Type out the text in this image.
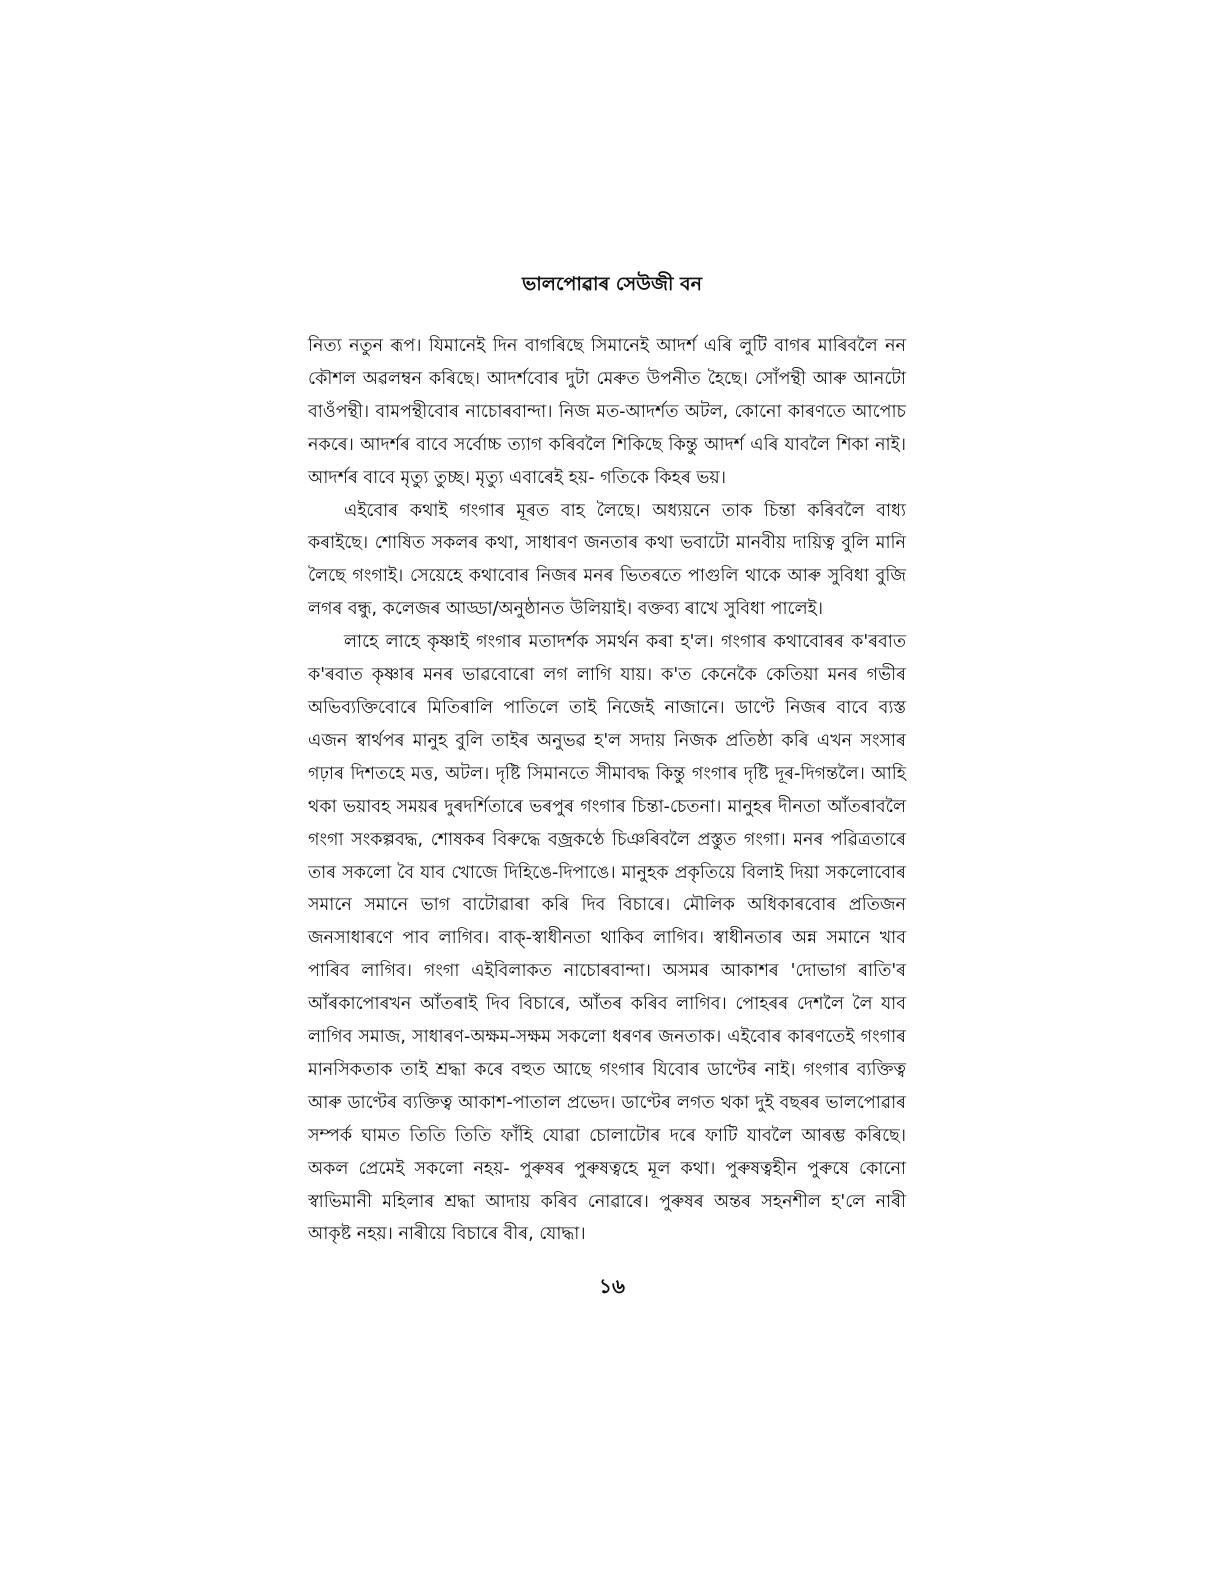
ভালপোৱাৰ সেউজী বন

নিত্য নতুন ৰূপ। যিমানেই দিন বাগৰিছে সিমানেই আদৰ্শ এৰি লুটি বাগৰ মাৰিবলৈ নন কৌশল অৱলম্বন কৰিছে। আদৰ্শবোৰ দুটা মেৰুত উপনীত হৈছে। সোঁপন্থী আৰু আনটো বাওঁপন্থী। বামপন্থীবোৰ নাচোৰবান্দা। নিজ মত-আদৰ্শত অটল, কোনো কাৰণতে আপোচ নকৰে। আদৰ্শৰ বাবে সৰ্বোচ্চ ত্যাগ কৰিবলৈ শিকিছে কিন্তু আদৰ্শ এৰি যাবলৈ শিকা নাই। আদৰ্শৰ বাবে মৃত্যু তুচ্ছ। মৃত্যু এবাৰেই হয়- গতিকে কিহৰ ভয়।

এইবোৰ কথাই গংগাৰ মূৰত বাহ লৈছে। অধ্যয়নে তাক চিন্তা কৰিবলৈ বাধ্য কৰাইছে। শোষিত সকলৰ কথা, সাধাৰণ জনতাৰ কথা ভবাটো মানবীয় দায়িত্ব বুলি মানি লৈছে গংগাই। সেয়েহে কথাবোৰ নিজৰ মনৰ ভিতৰতে পাগুলি থাকে আৰু সুবিধা বুজি লগৰ বন্ধু, কলেজৰ আড্ডা/অনুষ্ঠানত উলিয়াই। বক্তব্য ৰাখে সুবিধা পালেই।

লাহে লাহে কৃষ্ণাই গংগাৰ মতাদৰ্শক সমৰ্থন কৰা হ'ল। গংগাৰ কথাবোৰৰ ক'ৰবাত ক'ৰবাত কৃষ্ণাৰ মনৰ ভাৱবোৰো লগ লাগি যায়। ক'ত কেনেকৈ কেতিয়া মনৰ গভীৰ অভিব্যক্তিবোৰে মিতিৰালি পাতিলে তাই নিজেই নাজানে। ডাণ্টে নিজৰ বাবে ব্যস্ত এজন স্বাৰ্থপৰ মানুহ বুলি তাইৰ অনুভৱ হ'ল সদায় নিজক প্ৰতিষ্ঠা কৰি এখন সংসাৰ গঢ়াৰ দিশতহে মত্ত, অটল। দৃষ্টি সিমানতে সীমাবদ্ধ কিন্তু গংগাৰ দৃষ্টি দূৰ-দিগন্তলৈ। আহি থকা ভয়াবহ সময়ৰ দুৰদৰ্শিতাৰে ভৰপুৰ গংগাৰ চিন্তা-চেতনা। মানুহৰ দীনতা আঁতৰাবলৈ গংগা সংকল্পবদ্ধ, শোষকৰ বিৰুদ্ধে বজ্ৰকণ্ঠে চিঞৰিবলৈ প্ৰস্তুত গংগা। মনৰ পৱিত্ৰতাৰে তাৰ সকলো বৈ যাব খোজে দিহিঙে-দিপাঙে। মানুহক প্ৰকৃতিয়ে বিলাই দিয়া সকলোবোৰ সমানে সমানে ভাগ বাটোৱাৰা কৰি দিব বিচাৰে। মৌলিক অধিকাৰবোৰ প্ৰতিজন জনসাধাৰণে পাব লাগিব। বাক্-স্বাধীনতা থাকিব লাগিব। স্বাধীনতাৰ অন্ন সমানে খাব পাৰিব লাগিব। গংগা এইবিলাকত নাচোৰবান্দা। অসমৰ আকাশৰ 'দোভাগ ৰাতি'ৰ আঁৰকাপোৰখন আঁতৰাই দিব বিচাৰে, আঁতৰ কৰিব লাগিব। পোহৰৰ দেশলৈ লৈ যাব লাগিব সমাজ, সাধাৰণ-অক্ষম-সক্ষম সকলো ধৰণৰ জনতাক। এইবোৰ কাৰণতেই গংগাৰ মানসিকতাক তাই শ্ৰদ্ধা কৰে বহুত আছে গংগাৰ যিবোৰ ডাণ্টেৰ নাই। গংগাৰ ব্যক্তিত্ব আৰু ডাণ্টেৰ ব্যক্তিত্ব আকাশ-পাতাল প্ৰভেদ। ডাণ্টেৰ লগত থকা দুই বছৰৰ ভালপোৱাৰ সম্পৰ্ক ঘামত তিতি তিতি ফাঁহি যোৱা চোলাটোৰ দৰে ফাটি যাবলৈ আৰম্ভ কৰিছে। অকল প্ৰেমেই সকলো নহয়- পুৰুষৰ পুৰুষত্বহে মূল কথা। পুৰুষত্বহীন পুৰুষে কোনো স্বাভিমানী মহিলাৰ শ্ৰদ্ধা আদায় কৰিব নোৱাৰে। পুৰুষৰ অন্তৰ সহনশীল হ'লে নাৰী আকৃষ্ট নহয়। নাৰীয়ে বিচাৰে বীৰ, যোদ্ধা।

১৬
